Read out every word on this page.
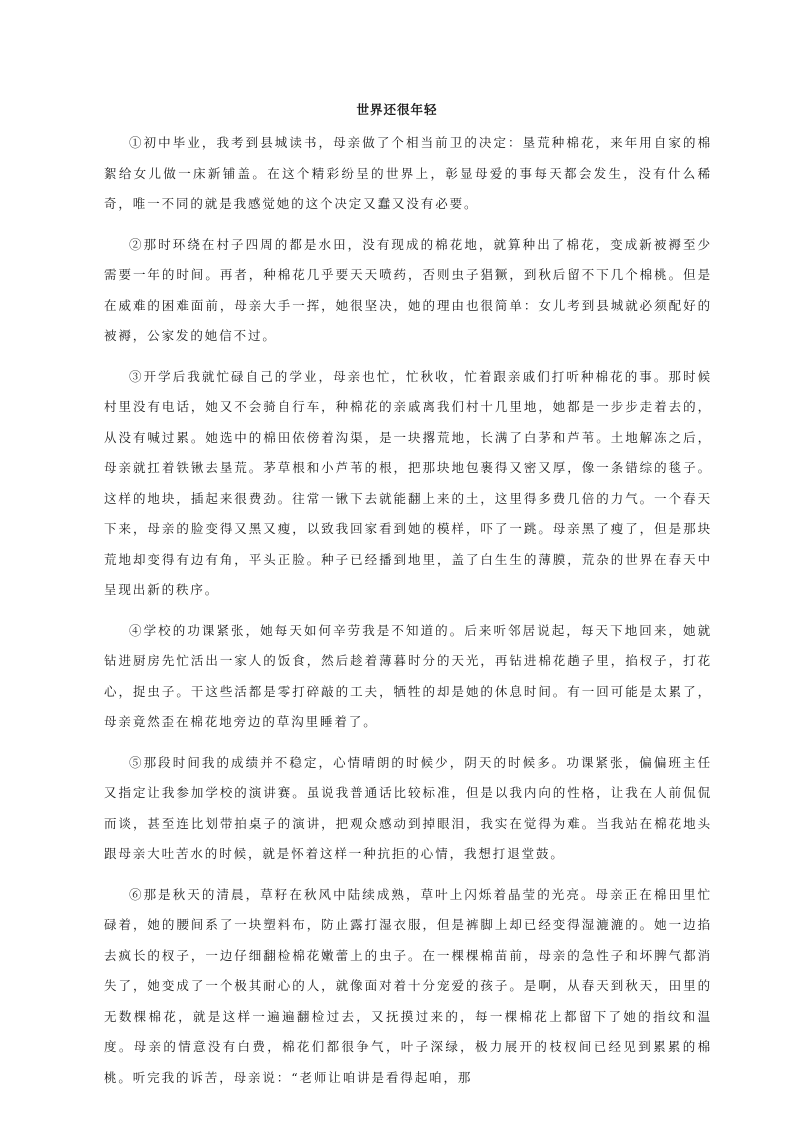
世界还很年轻

①初中毕业，我考到县城读书，母亲做了个相当前卫的决定：垦荒种棉花，来年用自家的棉絮给女儿做一床新铺盖。在这个精彩纷呈的世界上，彰显母爱的事每天都会发生，没有什么稀奇，唯一不同的就是我感觉她的这个决定又蠢又没有必要。

②那时环绕在村子四周的都是水田，没有现成的棉花地，就算种出了棉花，变成新被褥至少需要一年的时间。再者，种棉花几乎要天天喷药，否则虫子猖獗，到秋后留不下几个棉桃。但是在威难的困难面前，母亲大手一挥，她很坚决，她的理由也很简单：女儿考到县城就必须配好的被褥，公家发的她信不过。

③开学后我就忙碌自己的学业，母亲也忙，忙秋收，忙着跟亲戚们打听种棉花的事。那时候村里没有电话，她又不会骑自行车，种棉花的亲戚离我们村十几里地，她都是一步步走着去的，从没有喊过累。她选中的棉田依傍着沟渠，是一块撂荒地，长满了白茅和芦苇。土地解冻之后，母亲就扛着铁锹去垦荒。茅草根和小芦苇的根，把那块地包裹得又密又厚，像一条错综的毯子。这样的地块，插起来很费劲。往常一锹下去就能翻上来的土，这里得多费几倍的力气。一个春天下来，母亲的脸变得又黑又瘦，以致我回家看到她的模样，吓了一跳。母亲黑了瘦了，但是那块荒地却变得有边有角，平头正脸。种子已经播到地里，盖了白生生的薄膜，荒杂的世界在春天中呈现出新的秩序。

④学校的功课紧张，她每天如何辛劳我是不知道的。后来听邻居说起，每天下地回来，她就钻进厨房先忙活出一家人的饭食，然后趁着薄暮时分的天光，再钻进棉花趟子里，掐杈子，打花心，捉虫子。干这些活都是零打碎敲的工夫，牺牲的却是她的休息时间。有一回可能是太累了，母亲竟然歪在棉花地旁边的草沟里睡着了。

⑤那段时间我的成绩并不稳定，心情晴朗的时候少，阴天的时候多。功课紧张，偏偏班主任又指定让我参加学校的演讲赛。虽说我普通话比较标准，但是以我内向的性格，让我在人前侃侃而谈，甚至连比划带拍桌子的演讲，把观众感动到掉眼泪，我实在觉得为难。当我站在棉花地头跟母亲大吐苦水的时候，就是怀着这样一种抗拒的心情，我想打退堂鼓。

⑥那是秋天的清晨，草籽在秋风中陆续成熟，草叶上闪烁着晶莹的光亮。母亲正在棉田里忙碌着，她的腰间系了一块塑料布，防止露打湿衣服，但是裤脚上却已经变得湿漉漉的。她一边掐去疯长的杈子，一边仔细翻检棉花嫩蕾上的虫子。在一棵棵棉苗前，母亲的急性子和坏脾气都消失了，她变成了一个极其耐心的人，就像面对着十分宠爱的孩子。是啊，从春天到秋天，田里的无数棵棉花，就是这样一遍遍翻检过去，又抚摸过来的，每一棵棉花上都留下了她的指纹和温度。母亲的情意没有白费，棉花们都很争气，叶子深绿，极力展开的枝杈间已经见到累累的棉桃。听完我的诉苦，母亲说：“老师让咱讲是看得起咱，那
